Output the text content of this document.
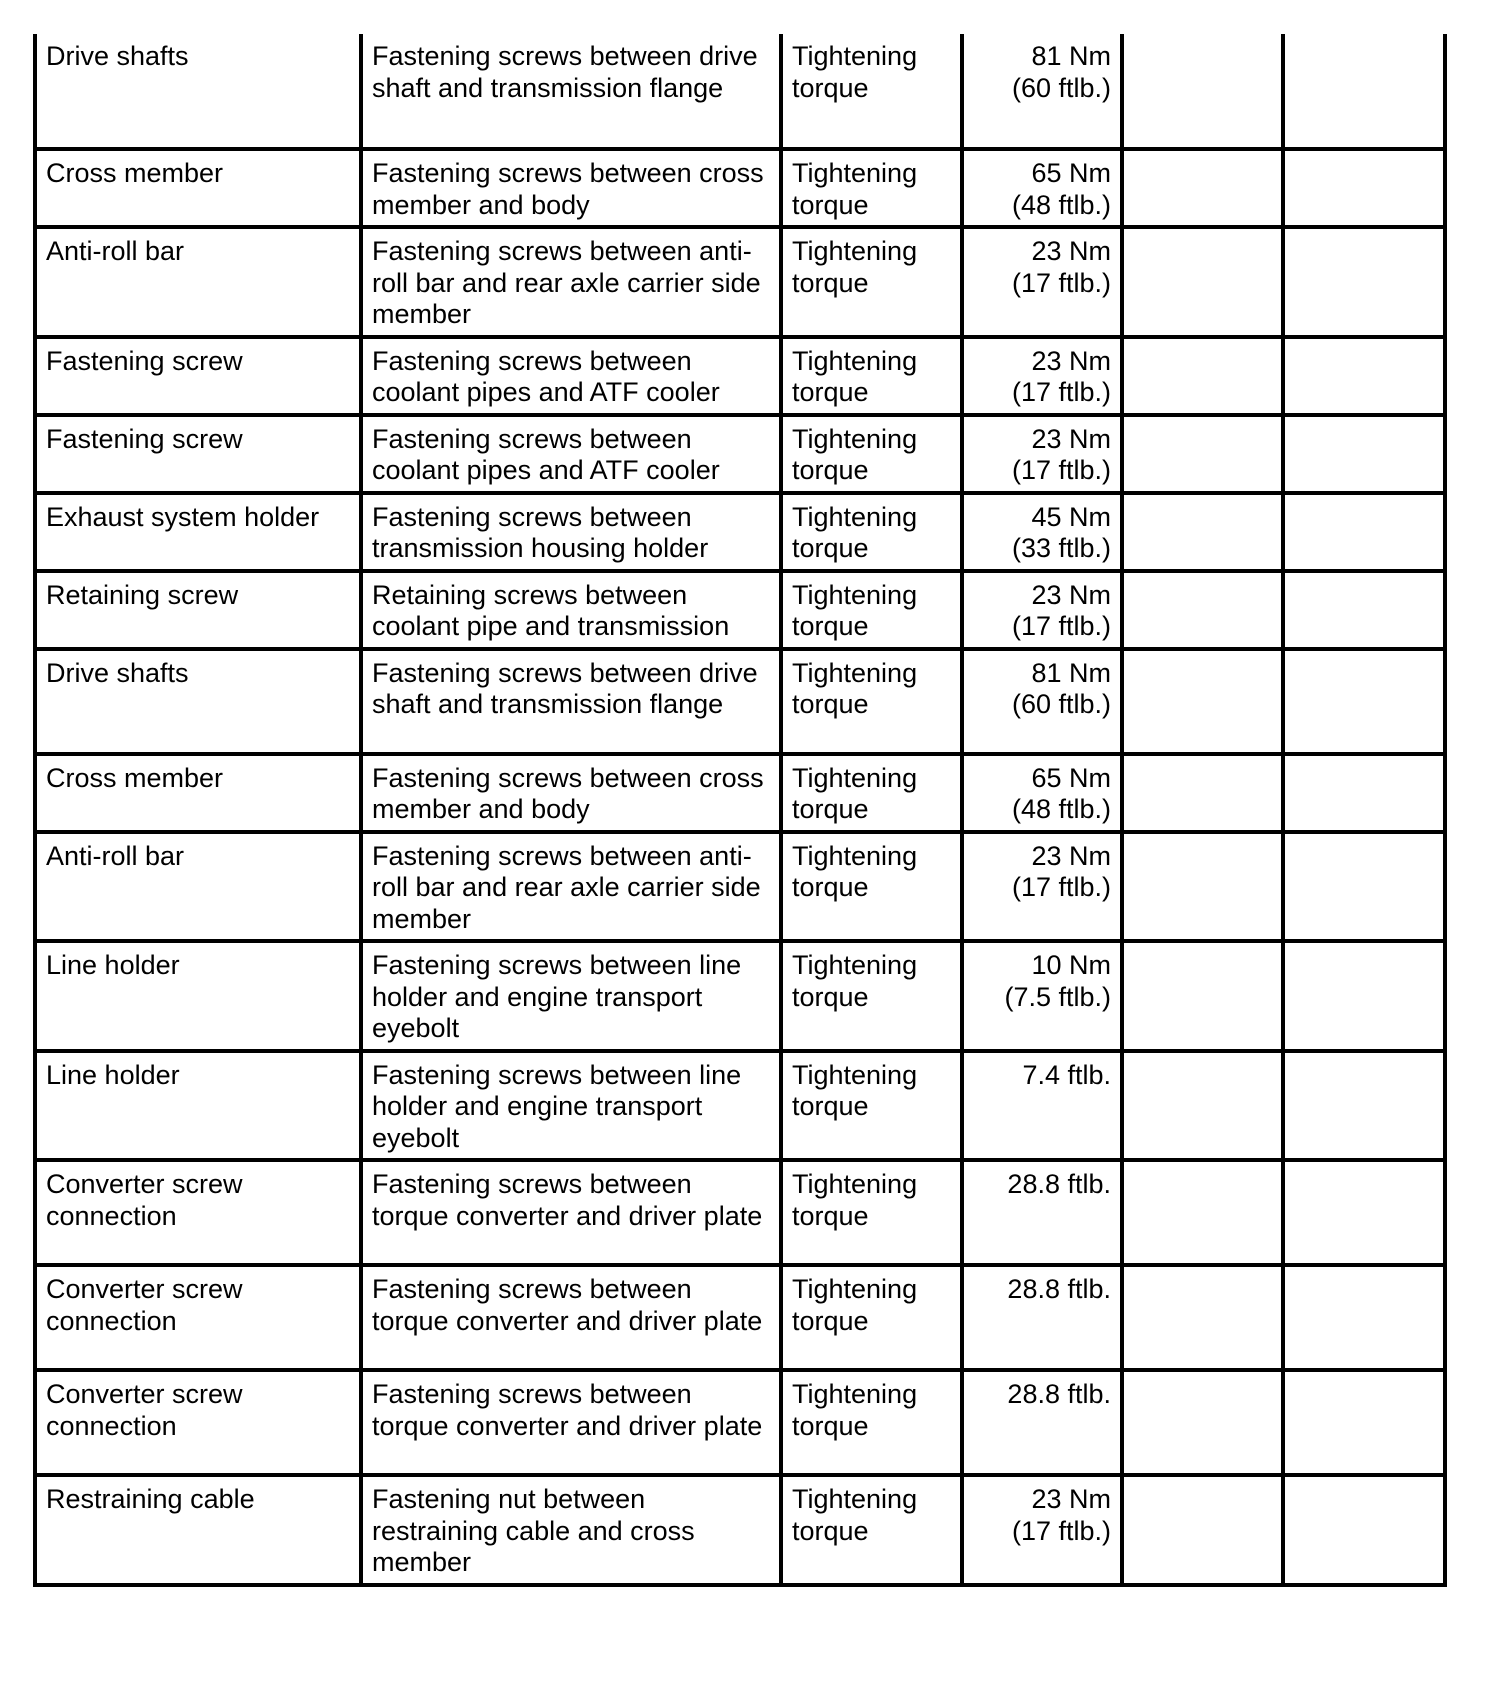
Drive shafts	Fastening screws between drive shaft and transmission flange	Tightening torque	81 Nm
(60 ftlb.)		

Cross member	Fastening screws between cross member and body	Tightening torque	65 Nm
(48 ftlb.)		

Anti-roll bar	Fastening screws between anti-roll bar and rear axle carrier side member	Tightening torque	23 Nm
(17 ftlb.)		

Fastening screw	Fastening screws between coolant pipes and ATF cooler	Tightening torque	23 Nm
(17 ftlb.)		

Fastening screw	Fastening screws between coolant pipes and ATF cooler	Tightening torque	23 Nm
(17 ftlb.)		

Exhaust system holder	Fastening screws between transmission housing holder	Tightening torque	45 Nm
(33 ftlb.)		

Retaining screw	Retaining screws between coolant pipe and transmission	Tightening torque	23 Nm
(17 ftlb.)		

Drive shafts	Fastening screws between drive shaft and transmission flange	Tightening torque	81 Nm
(60 ftlb.)		

Cross member	Fastening screws between cross member and body	Tightening torque	65 Nm
(48 ftlb.)		

Anti-roll bar	Fastening screws between anti-roll bar and rear axle carrier side member	Tightening torque	23 Nm
(17 ftlb.)		

Line holder	Fastening screws between line holder and engine transport eyebolt	Tightening torque	10 Nm
(7.5 ftlb.)		

Line holder	Fastening screws between line holder and engine transport eyebolt	Tightening torque	7.4 ftlb.		

Converter screw connection	Fastening screws between torque converter and driver plate	Tightening torque	28.8 ftlb.		

Converter screw connection	Fastening screws between torque converter and driver plate	Tightening torque	28.8 ftlb.		

Converter screw connection	Fastening screws between torque converter and driver plate	Tightening torque	28.8 ftlb.		

Restraining cable	Fastening nut between restraining cable and cross member	Tightening torque	23 Nm
(17 ftlb.)		
